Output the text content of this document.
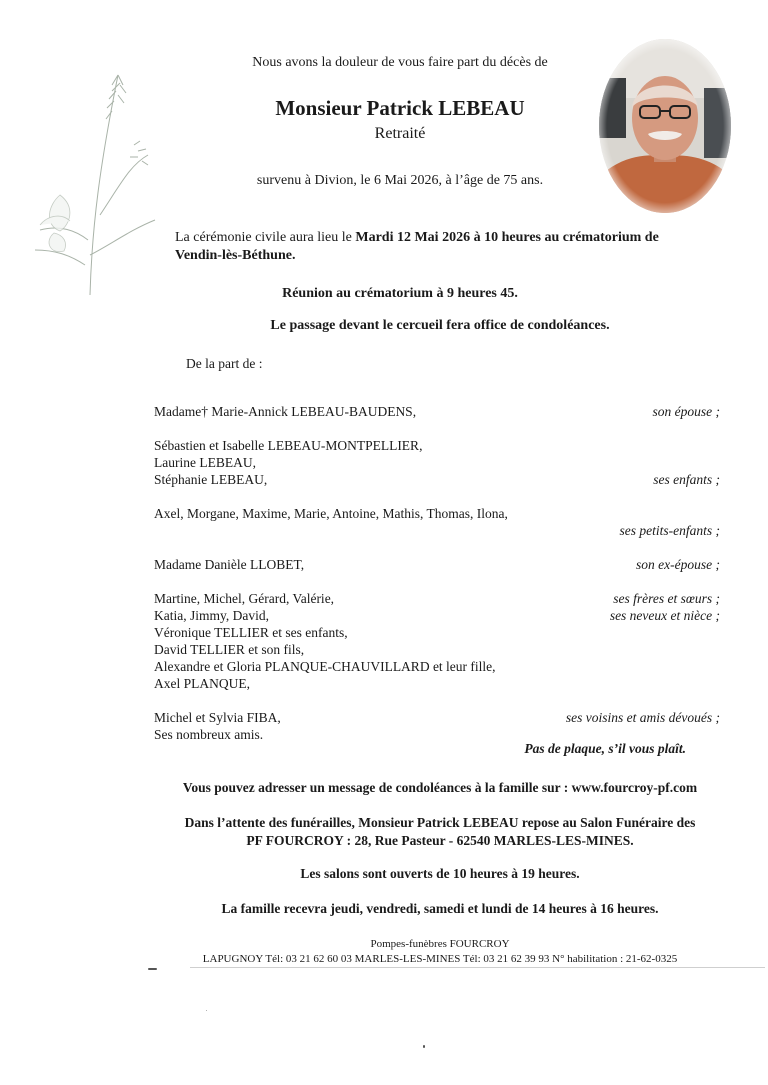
Nous avons la douleur de vous faire part du décès de

Monsieur Patrick LEBEAU

Retraité

survenu à Divion, le 6 Mai 2026, à l’âge de 75 ans.

La cérémonie civile aura lieu le Mardi 12 Mai 2026 à 10 heures au crématorium de

Vendin-lès-Béthune.

Réunion au crématorium à 9 heures 45.

Le passage devant le cercueil fera office de condoléances.

De la part de :

Madame† Marie-Annick LEBEAU-BAUDENS,	son épouse ;

Sébastien et Isabelle LEBEAU-MONTPELLIER,

Laurine LEBEAU,

Stéphanie LEBEAU,	ses enfants ;

Axel, Morgane, Maxime, Marie, Antoine, Mathis, Thomas, Ilona,

ses petits-enfants ;

Madame Danièle LLOBET,	son ex-épouse ;

Martine, Michel, Gérard, Valérie,	ses frères et sœurs ;

Katia, Jimmy, David,	ses neveux et nièce ;

Véronique TELLIER et ses enfants,

David TELLIER et son fils,

Alexandre et Gloria PLANQUE-CHAUVILLARD et leur fille,

Axel PLANQUE,

Michel et Sylvia FIBA,	ses voisins et amis dévoués ;

Ses nombreux amis.

Pas de plaque, s’il vous plaît.

Vous pouvez adresser un message de condoléances à la famille sur : www.fourcroy-pf.com

Dans l’attente des funérailles, Monsieur Patrick LEBEAU repose au Salon Funéraire des

PF FOURCROY : 28, Rue Pasteur - 62540 MARLES-LES-MINES.

Les salons sont ouverts de 10 heures à 19 heures.

La famille recevra jeudi, vendredi, samedi et lundi de 14 heures à 16 heures.

Pompes-funèbres FOURCROY

LAPUGNOY Tél: 03 21 62 60 03 MARLES-LES-MINES Tél: 03 21 62 39 93 N° habilitation : 21-62-0325
